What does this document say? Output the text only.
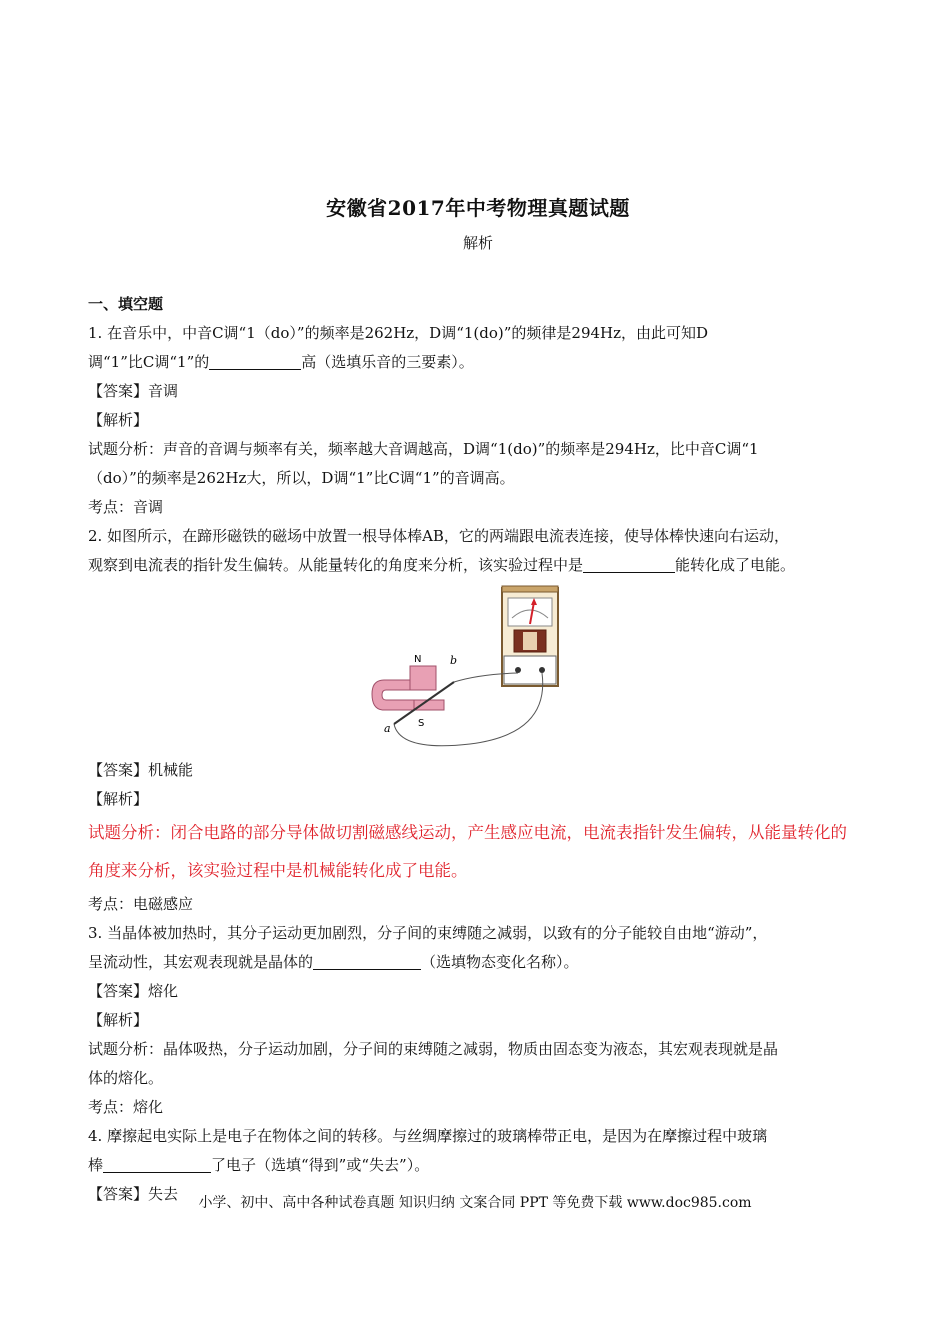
安徽省2017年中考物理真题试题
解析
一、填空题
1. 在音乐中，中音C调“1（do）”的频率是262Hz，D调“1(do)”的频律是294Hz，由此可知D
调“1”比C调“1”的	高（选填乐音的三要素）。
【答案】音调
【解析】
试题分析：声音的音调与频率有关，频率越大音调越高，D调“1(do)”的频率是294Hz，比中音C调“1
（do）”的频率是262Hz大，所以，D调“1”比C调“1”的音调高。
考点：音调
2. 如图所示，在蹄形磁铁的磁场中放置一根导体棒AB，它的两端跟电流表连接，使导体棒快速向右运动，
观察到电流表的指针发生偏转。从能量转化的角度来分析，该实验过程中是	能转化成了电能。
N
S
a
b
【答案】机械能
【解析】
试题分析：闭合电路的部分导体做切割磁感线运动，产生感应电流，电流表指针发生偏转，从能量转化的
角度来分析，该实验过程中是机械能转化成了电能。
考点：电磁感应
3. 当晶体被加热时，其分子运动更加剧烈，分子间的束缚随之减弱，以致有的分子能较自由地“游动”，
呈流动性，其宏观表现就是晶体的	（选填物态变化名称）。
【答案】熔化
【解析】
试题分析：晶体吸热，分子运动加剧，分子间的束缚随之减弱，物质由固态变为液态，其宏观表现就是晶
体的熔化。
考点：熔化
4. 摩擦起电实际上是电子在物体之间的转移。与丝绸摩擦过的玻璃棒带正电，是因为在摩擦过程中玻璃
棒	了电子（选填“得到”或“失去”）。
【答案】失去	小学、初中、高中各种试卷真题 知识归纳 文案合同 PPT 等免费下载 www.doc985.com
